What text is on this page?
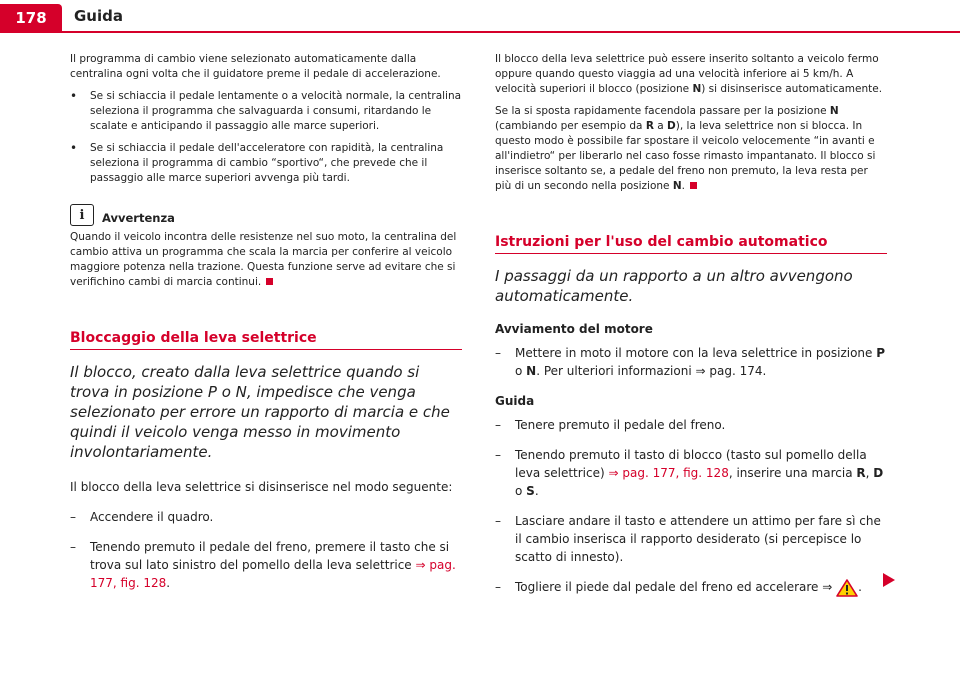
178	Guida

Il programma di cambio viene selezionato automaticamente dalla centralina ogni volta che il guidatore preme il pedale di accelerazione.

• Se si schiaccia il pedale lentamente o a velocità normale, la centralina seleziona il programma che salvaguarda i consumi, ritardando le scalate e anticipando il passaggio alle marce superiori.

• Se si schiaccia il pedale dell'acceleratore con rapidità, la centralina seleziona il programma di cambio “sportivo“, che prevede che il passaggio alle marce superiori avvenga più tardi.

i	Avvertenza

Quando il veicolo incontra delle resistenze nel suo moto, la centralina del cambio attiva un programma che scala la marcia per conferire al veicolo maggiore potenza nella trazione. Questa funzione serve ad evitare che si verifichino cambi di marcia continui.

Bloccaggio della leva selettrice

Il blocco, creato dalla leva selettrice quando si trova in posizione P o N, impedisce che venga selezionato per errore un rapporto di marcia e che quindi il veicolo venga messo in movimento involontariamente.

Il blocco della leva selettrice si disinserisce nel modo seguente:

– Accendere il quadro.

– Tenendo premuto il pedale del freno, premere il tasto che si trova sul lato sinistro del pomello della leva selettrice ⇒ pag. 177, fig. 128.

Il blocco della leva selettrice può essere inserito soltanto a veicolo fermo oppure quando questo viaggia ad una velocità inferiore ai 5 km/h. A velocità superiori il blocco (posizione N) si disinserisce automaticamente.

Se la si sposta rapidamente facendola passare per la posizione N (cambiando per esempio da R a D), la leva selettrice non si blocca. In questo modo è possibile far spostare il veicolo velocemente “in avanti e all'indietro“ per liberarlo nel caso fosse rimasto impantanato. Il blocco si inserisce soltanto se, a pedale del freno non premuto, la leva resta per più di un secondo nella posizione N.

Istruzioni per l'uso del cambio automatico

I passaggi da un rapporto a un altro avvengono automaticamente.

Avviamento del motore

– Mettere in moto il motore con la leva selettrice in posizione P o N. Per ulteriori informazioni ⇒ pag. 174.

Guida

– Tenere premuto il pedale del freno.

– Tenendo premuto il tasto di blocco (tasto sul pomello della leva selettrice) ⇒ pag. 177, fig. 128, inserire una marcia R, D o S.

– Lasciare andare il tasto e attendere un attimo per fare sì che il cambio inserisca il rapporto desiderato (si percepisce lo scatto di innesto).

– Togliere il piede dal pedale del freno ed accelerare ⇒ .
